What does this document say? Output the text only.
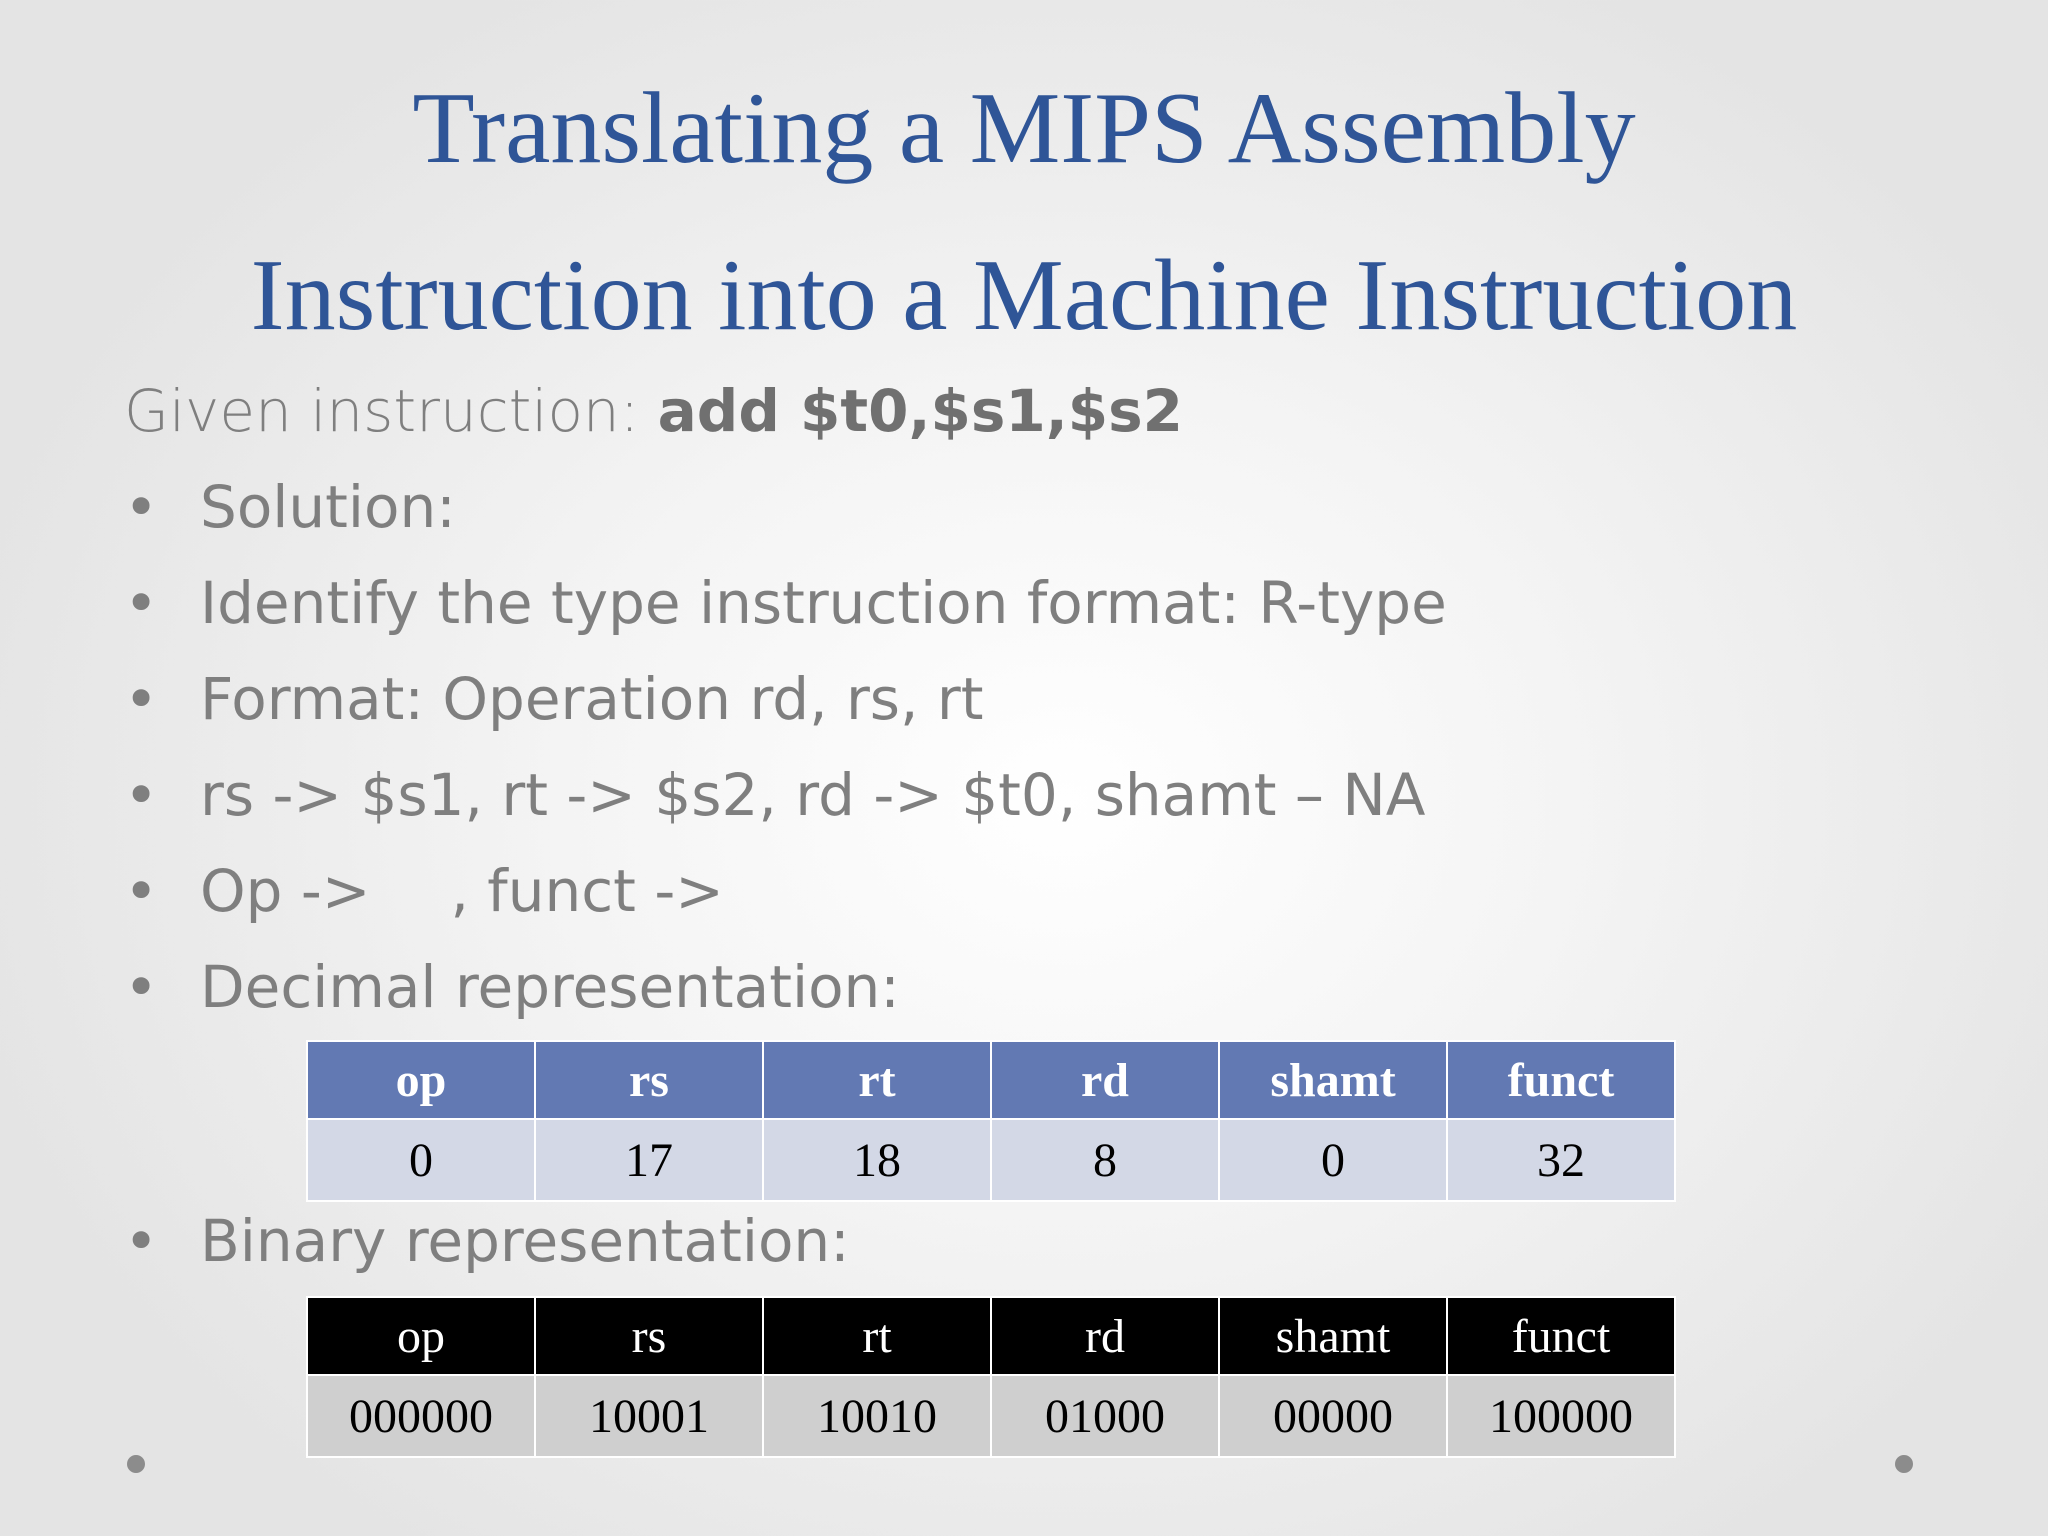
Translating a MIPS Assembly
Instruction into a Machine Instruction
Given instruction: add $t0,$s1,$s2
• Solution:
• Identify the type instruction format: R-type
• Format: Operation rd, rs, rt
• rs -> $s1, rt -> $s2, rd -> $t0, shamt – NA
• Op -> , funct ->
• Decimal representation:
op	rs	rt	rd	shamt	funct
0	17	18	8	0	32
• Binary representation:
op	rs	rt	rd	shamt	funct
000000	10001	10010	01000	00000	100000
